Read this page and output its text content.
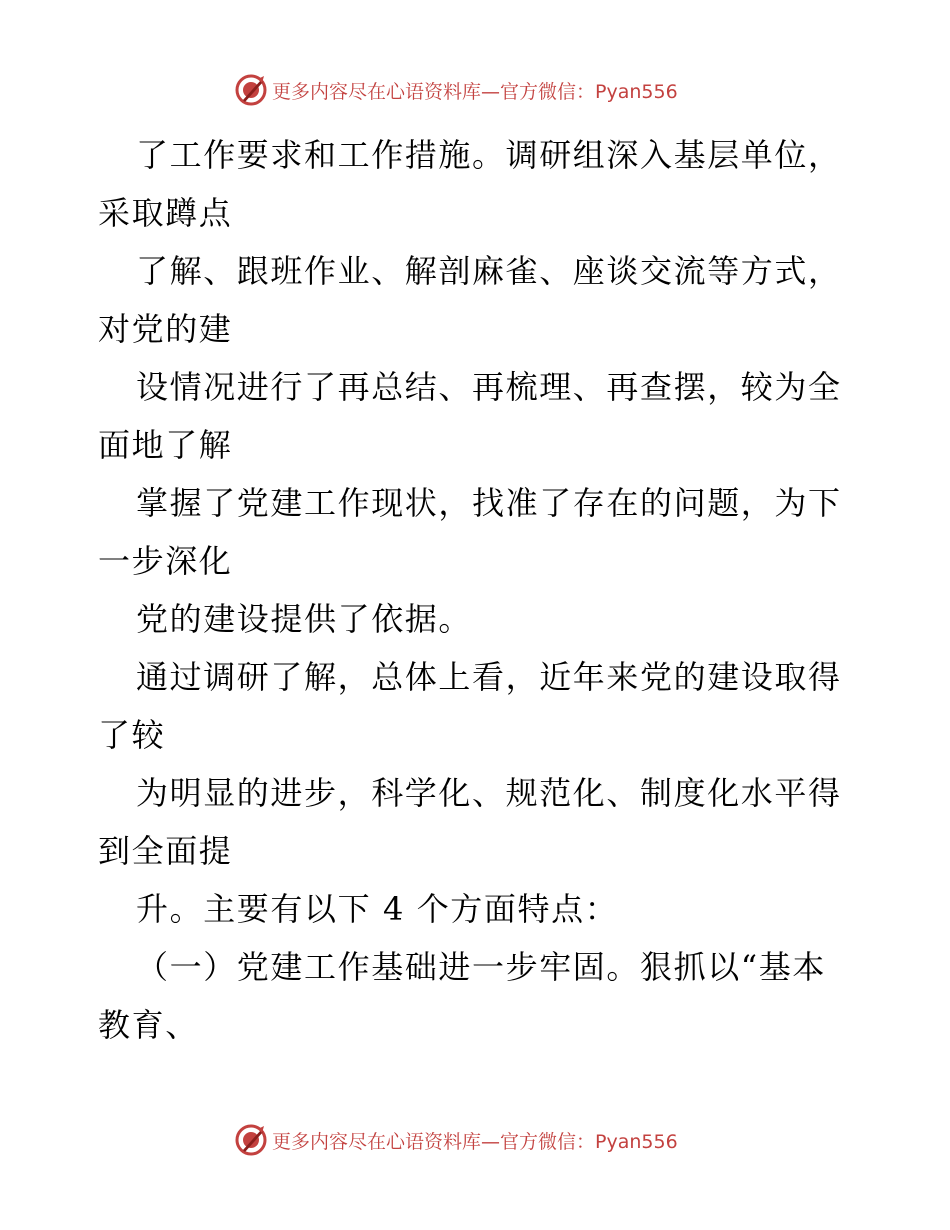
更多内容尽在心语资料库—官方微信：Pyan556
了工作要求和工作措施。调研组深入基层单位，
采取蹲点
了解、跟班作业、解剖麻雀、座谈交流等方式，
对党的建
设情况进行了再总结、再梳理、再查摆，较为全
面地了解
掌握了党建工作现状，找准了存在的问题，为下
一步深化
党的建设提供了依据。
通过调研了解，总体上看，近年来党的建设取得
了较
为明显的进步，科学化、规范化、制度化水平得
到全面提
升。主要有以下 4 个方面特点：
（一）党建工作基础进一步牢固。狠抓以“基本
教育、
更多内容尽在心语资料库—官方微信：Pyan556
